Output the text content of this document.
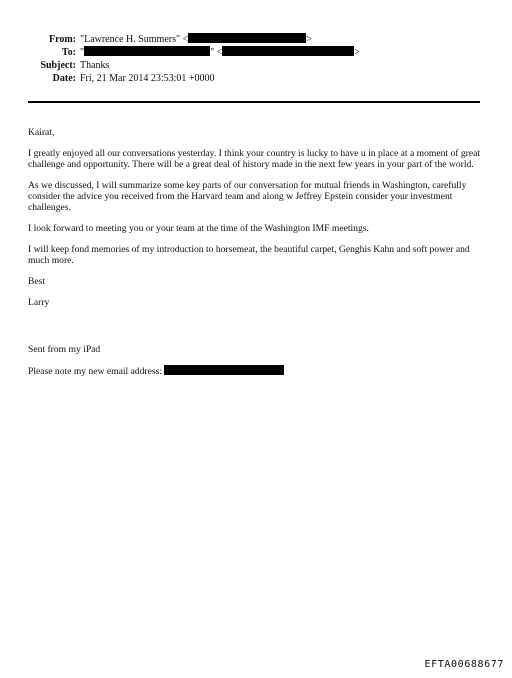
From: "Lawrence H. Summers" <	>
To: "	" <	>
Subject: Thanks
Date: Fri, 21 Mar 2014 23:53:01 +0000

Kairat,

I greatly enjoyed all our conversations yesterday. I think your country is lucky to have u in place at a moment of great challenge and opportunity. There will be a great deal of history made in the next few years in your part of the world.

As we discussed, I will summarize some key parts of our conversation for mutual friends in Washington, carefully consider the advice you received from the Harvard team and along w Jeffrey Epstein consider your investment challenges.

I look forward to meeting you or your team at the time of the Washington IMF meetings.

I will keep fond memories of my introduction to horsemeat, the beautiful carpet, Genghis Kahn and soft power and much more.

Best

Larry

Sent from my iPad

Please note my new email address:

EFTA00688677
